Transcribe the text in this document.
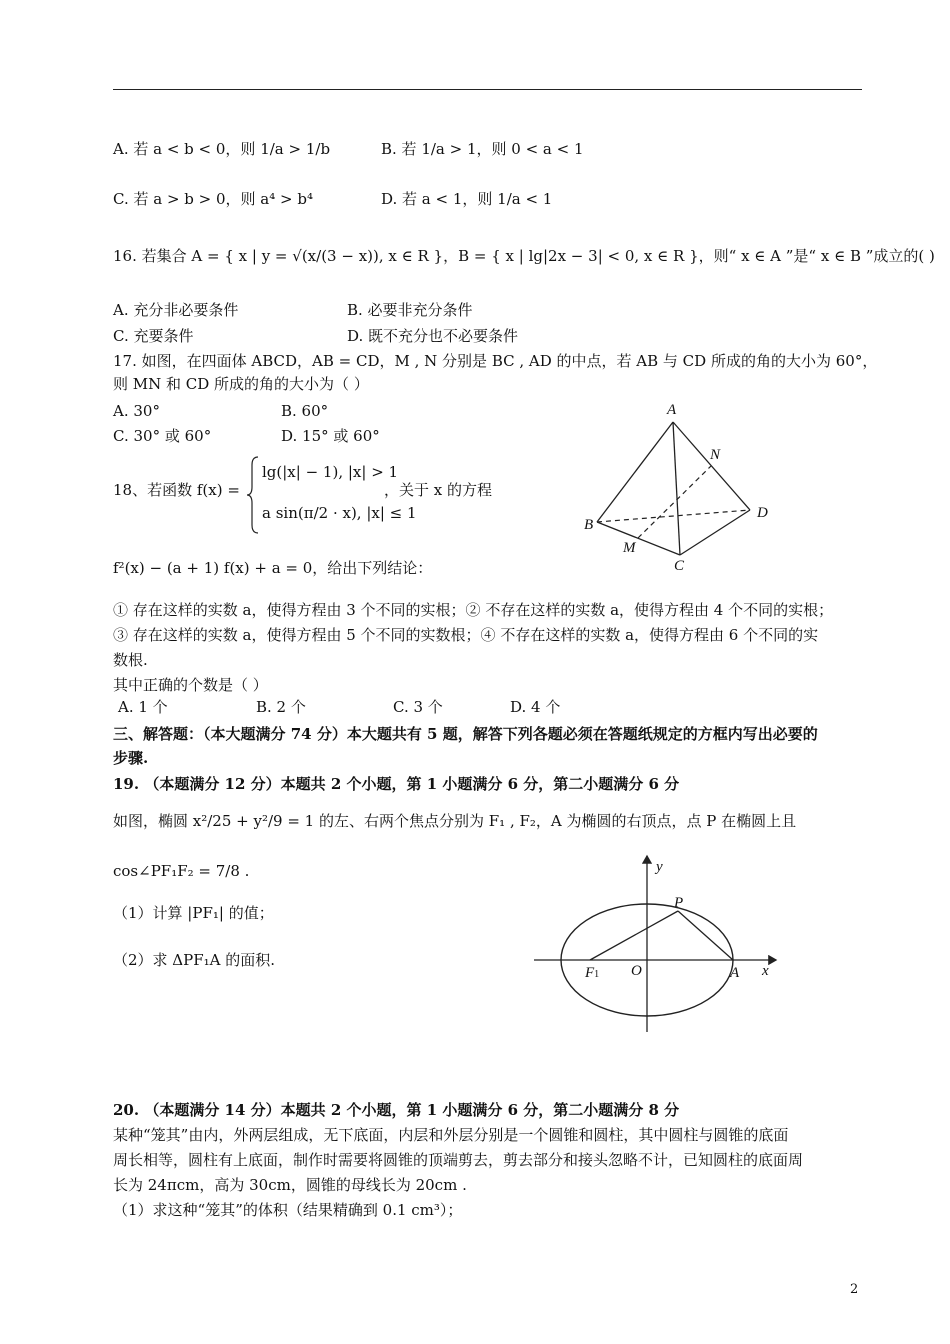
A. 若 a < b < 0，则 1/a > 1/b	B. 若 1/a > 1，则 0 < a < 1
C. 若 a > b > 0，则 a⁴ > b⁴	D. 若 a < 1，则 1/a < 1
16. 若集合 A = { x | y = √(x/(3 − x)), x ∈ R }，B = { x | lg|2x − 3| < 0, x ∈ R }，则“ x ∈ A ”是“ x ∈ B ”成立的( )
A. 充分非必要条件	B. 必要非充分条件
C. 充要条件	D. 既不充分也不必要条件
17. 如图，在四面体 ABCD，AB = CD，M , N 分别是 BC , AD 的中点，若 AB 与 CD 所成的角的大小为 60°，
则 MN 和 CD 所成的角的大小为（ ）
A. 30°	B. 60°
C. 30° 或 60°	D. 15° 或 60°
A
N
B
D
M
C
18、若函数 f(x) =
lg(|x| − 1), |x| > 1
a sin(π/2 · x), |x| ≤ 1
，关于 x 的方程
f²(x) − (a + 1) f(x) + a = 0，给出下列结论：
① 存在这样的实数 a，使得方程由 3 个不同的实根；② 不存在这样的实数 a，使得方程由 4 个不同的实根；
③ 存在这样的实数 a，使得方程由 5 个不同的实数根；④ 不存在这样的实数 a，使得方程由 6 个不同的实
数根.
其中正确的个数是（ ）
A. 1 个	B. 2 个	C. 3 个	D. 4 个
三、解答题：（本大题满分 74 分）本大题共有 5 题，解答下列各题必须在答题纸规定的方框内写出必要的
步骤.
19. （本题满分 12 分）本题共 2 个小题，第 1 小题满分 6 分，第二小题满分 6 分
如图，椭圆 x²/25 + y²/9 = 1 的左、右两个焦点分别为 F₁ , F₂，A 为椭圆的右顶点，点 P 在椭圆上且
cos∠PF₁F₂ = 7/8 .
（1）计算 |PF₁| 的值；
（2）求 ΔPF₁A 的面积.
y
P
F1 O	A x
20. （本题满分 14 分）本题共 2 个小题，第 1 小题满分 6 分，第二小题满分 8 分
某种“笼其”由内，外两层组成，无下底面，内层和外层分别是一个圆锥和圆柱，其中圆柱与圆锥的底面
周长相等，圆柱有上底面，制作时需要将圆锥的顶端剪去，剪去部分和接头忽略不计，已知圆柱的底面周
长为 24πcm，高为 30cm，圆锥的母线长为 20cm .
（1）求这种“笼其”的体积（结果精确到 0.1 cm³）；
2
